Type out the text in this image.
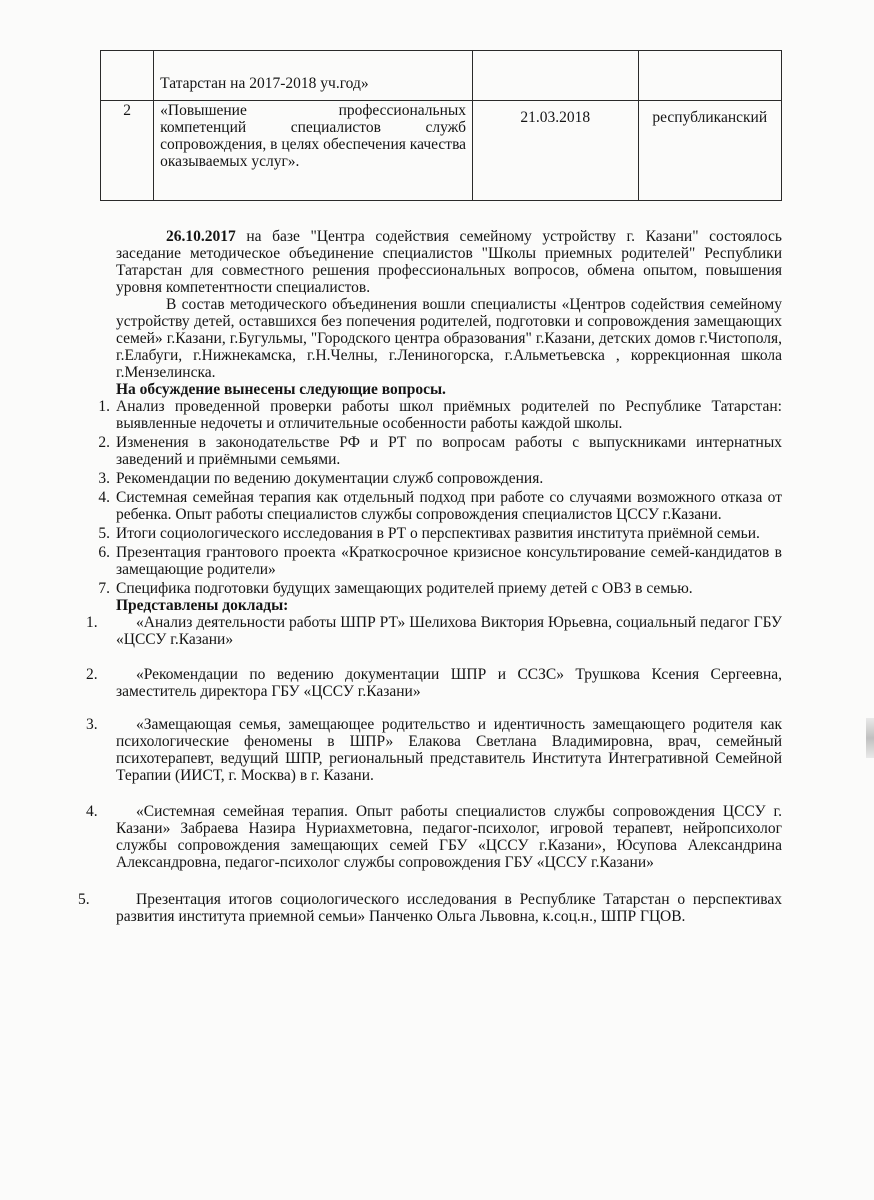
	Татарстан на 2017-2018 уч.год»		
2	«Повышение профессиональных компетенций специалистов служб сопровождения, в целях обеспечения качества оказываемых услуг».	21.03.2018	республиканский

26.10.2017 на базе "Центра содействия семейному устройству г. Казани" состоялось заседание методическое объединение специалистов "Школы приемных родителей" Республики Татарстан для совместного решения профессиональных вопросов, обмена опытом, повышения уровня компетентности специалистов.

В состав методического объединения вошли специалисты «Центров содействия семейному устройству детей, оставшихся без попечения родителей, подготовки и сопровождения замещающих семей» г.Казани, г.Бугульмы, "Городского центра образования" г.Казани, детских домов г.Чистополя, г.Елабуги, г.Нижнекамска, г.Н.Челны, г.Лениногорска, г.Альметьевска , коррекционная школа г.Мензелинска.

На обсуждение вынесены следующие вопросы.

1. Анализ проведенной проверки работы школ приёмных родителей по Республике Татарстан: выявленные недочеты и отличительные особенности работы каждой школы.
2. Изменения в законодательстве РФ и РТ по вопросам работы с выпускниками интернатных заведений и приёмными семьями.
3. Рекомендации по ведению документации служб сопровождения.
4. Системная семейная терапия как отдельный подход при работе со случаями возможного отказа от ребенка. Опыт работы специалистов службы сопровождения специалистов ЦССУ г.Казани.
5. Итоги социологического исследования в РТ о перспективах развития института приёмной семьи.
6. Презентация грантового проекта «Краткосрочное кризисное консультирование семей-кандидатов в замещающие родители»
7. Специфика подготовки будущих замещающих родителей приему детей с ОВЗ в семью.

Представлены доклады:

1.	«Анализ деятельности работы ШПР РТ» Шелихова Виктория Юрьевна, социальный педагог ГБУ «ЦССУ г.Казани»

2.	«Рекомендации по ведению документации ШПР и ССЗС» Трушкова Ксения Сергеевна, заместитель директора ГБУ «ЦССУ г.Казани»

3.	«Замещающая семья, замещающее родительство и идентичность замещающего родителя как психологические феномены в ШПР» Елакова Светлана Владимировна, врач, семейный психотерапевт, ведущий ШПР, региональный представитель Института Интегративной Семейной Терапии (ИИСТ, г. Москва) в г. Казани.

4.	«Системная семейная терапия. Опыт работы специалистов службы сопровождения ЦССУ г. Казани» Забраева Назира Нуриахметовна, педагог-психолог, игровой терапевт, нейропсихолог службы сопровождения замещающих семей ГБУ «ЦССУ г.Казани», Юсупова Александрина Александровна, педагог-психолог службы сопровождения ГБУ «ЦССУ г.Казани»

5.	Презентация итогов социологического исследования в Республике Татарстан о перспективах развития института приемной семьи» Панченко Ольга Львовна, к.соц.н., ШПР ГЦОВ.
